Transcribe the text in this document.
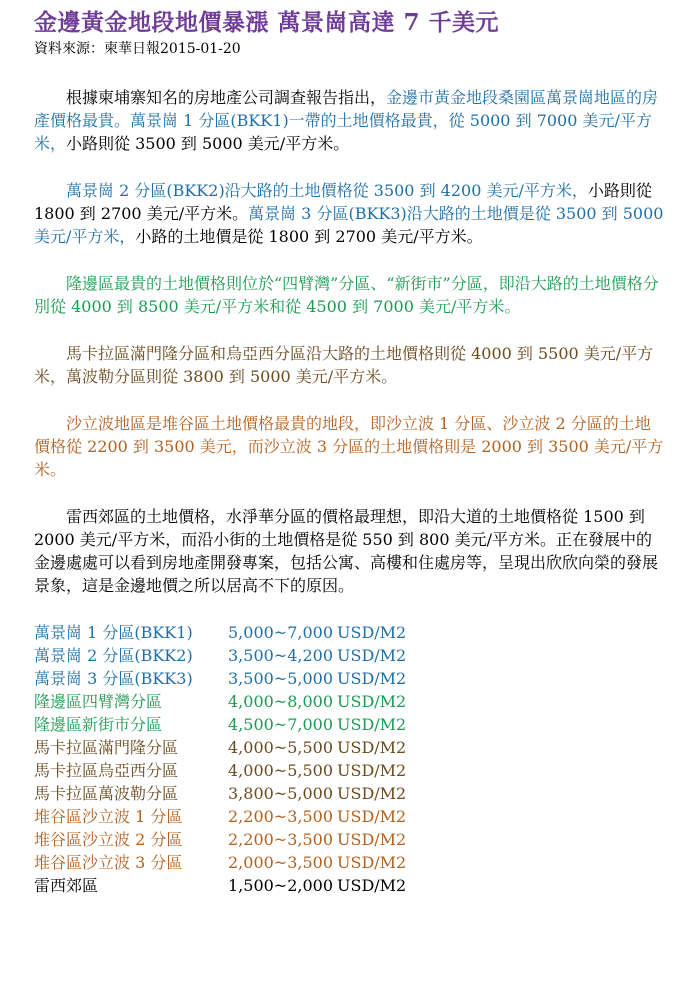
金邊黃金地段地價暴漲 萬景崗高達 7 千美元

資料來源：柬華日報2015-01-20

根據柬埔寨知名的房地產公司調查報告指出，金邊市黃金地段桑園區萬景崗地區的房產價格最貴。萬景崗 1 分區(BKK1)一帶的土地價格最貴，從 5000 到 7000 美元/平方米，小路則從 3500 到 5000 美元/平方米。

萬景崗 2 分區(BKK2)沿大路的土地價格從 3500 到 4200 美元/平方米，小路則從 1800 到 2700 美元/平方米。萬景崗 3 分區(BKK3)沿大路的土地價是從 3500 到 5000 美元/平方米，小路的土地價是從 1800 到 2700 美元/平方米。

隆邊區最貴的土地價格則位於“四臂灣”分區、“新街市”分區，即沿大路的土地價格分別從 4000 到 8500 美元/平方米和從 4500 到 7000 美元/平方米。

馬卡拉區滿門隆分區和烏亞西分區沿大路的土地價格則從 4000 到 5500 美元/平方米，萬波勒分區則從 3800 到 5000 美元/平方米。

沙立波地區是堆谷區土地價格最貴的地段，即沙立波 1 分區、沙立波 2 分區的土地價格從 2200 到 3500 美元，而沙立波 3 分區的土地價格則是 2000 到 3500 美元/平方米。

雷西郊區的土地價格，水淨華分區的價格最理想，即沿大道的土地價格從 1500 到 2000 美元/平方米，而沿小街的土地價格是從 550 到 800 美元/平方米。正在發展中的金邊處處可以看到房地產開發專案，包括公寓、高樓和住處房等，呈現出欣欣向榮的發展景象，這是金邊地價之所以居高不下的原因。

萬景崗 1 分區(BKK1)	5,000~7,000 USD/M2
萬景崗 2 分區(BKK2)	3,500~4,200 USD/M2
萬景崗 3 分區(BKK3)	3,500~5,000 USD/M2
隆邊區四臂灣分區	4,000~8,000 USD/M2
隆邊區新街市分區	4,500~7,000 USD/M2
馬卡拉區滿門隆分區	4,000~5,500 USD/M2
馬卡拉區烏亞西分區	4,000~5,500 USD/M2
馬卡拉區萬波勒分區	3,800~5,000 USD/M2
堆谷區沙立波 1 分區	2,200~3,500 USD/M2
堆谷區沙立波 2 分區	2,200~3,500 USD/M2
堆谷區沙立波 3 分區	2,000~3,500 USD/M2
雷西郊區	1,500~2,000 USD/M2
